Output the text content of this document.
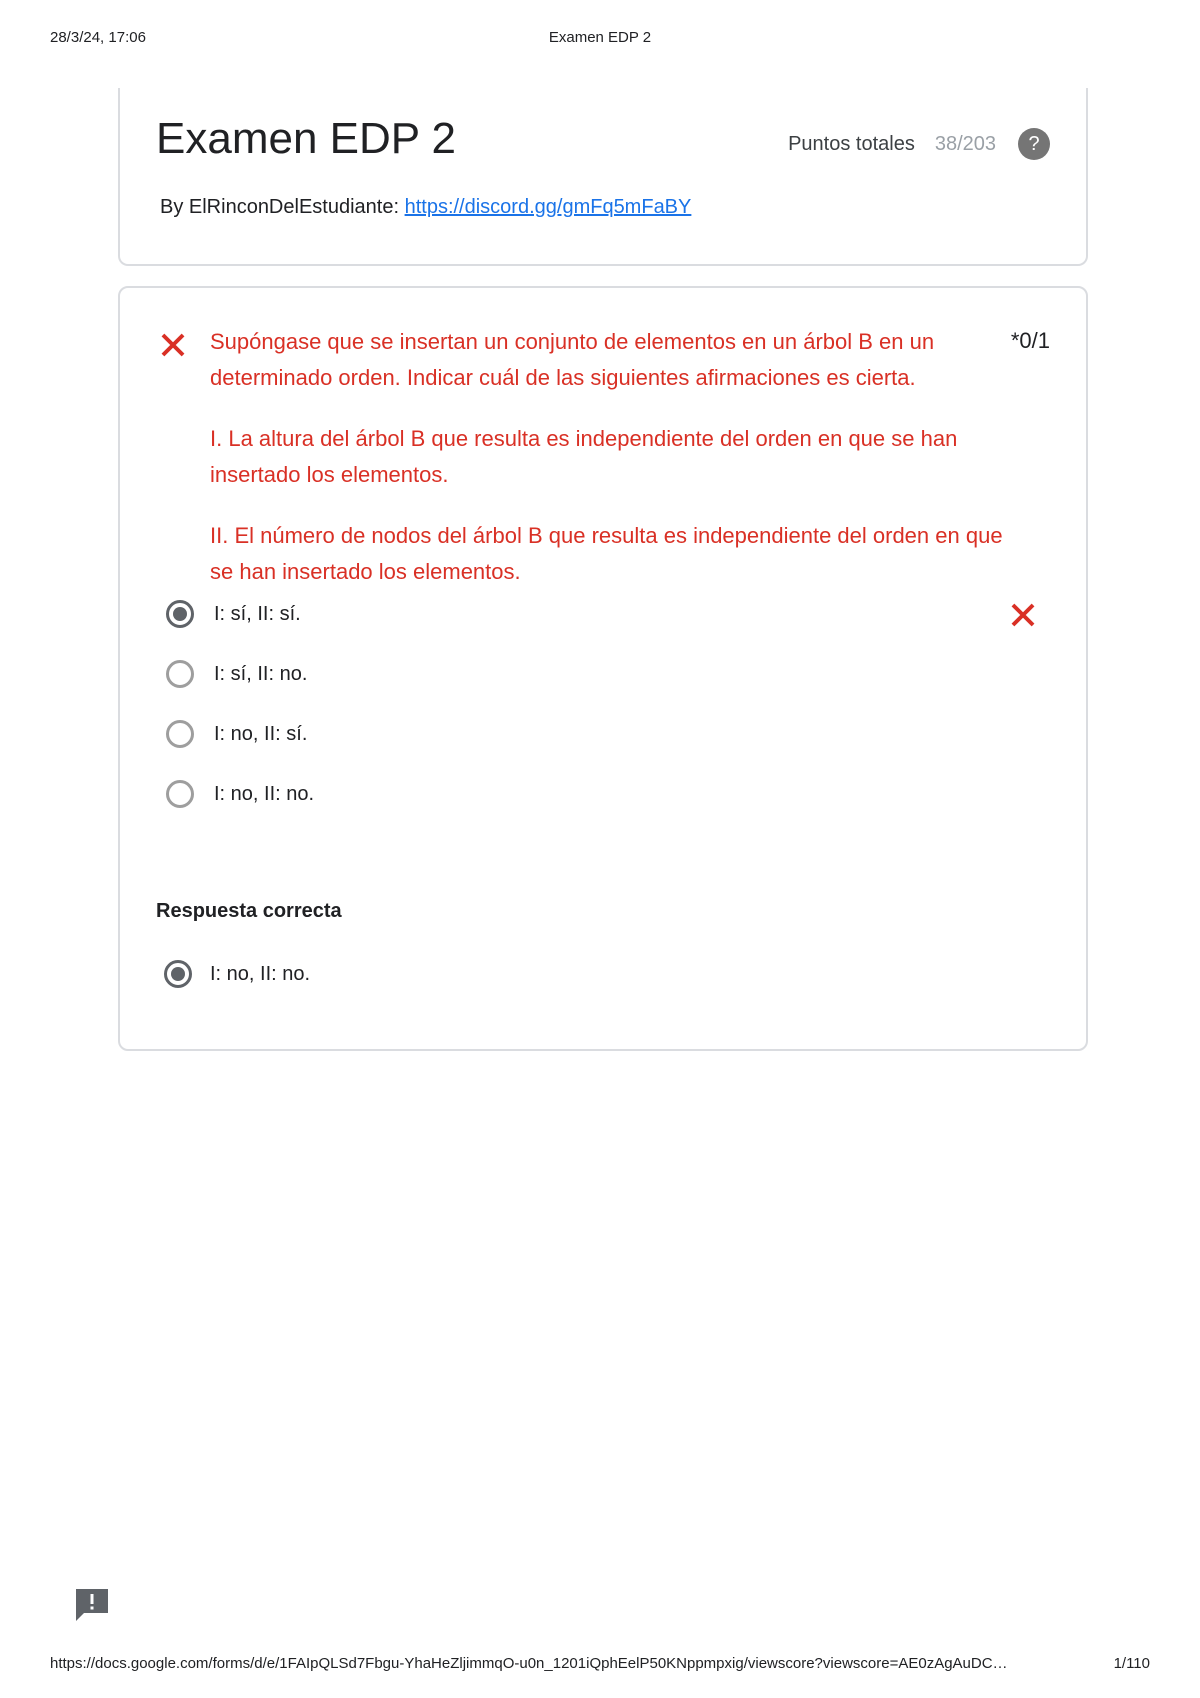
28/3/24, 17:06	Examen EDP 2
Examen EDP 2	Puntos totales 38/203	?
By ElRinconDelEstudiante: https://discord.gg/gmFq5mFaBY
Supóngase que se insertan un conjunto de elementos en un árbol B en un determinado orden. Indicar cuál de las siguientes afirmaciones es cierta.
*0/1
I. La altura del árbol B que resulta es independiente del orden en que se han insertado los elementos.
II. El número de nodos del árbol B que resulta es independiente del orden en que se han insertado los elementos.
I: sí, II: sí.
I: sí, II: no.
I: no, II: sí.
I: no, II: no.
Respuesta correcta
I: no, II: no.
https://docs.google.com/forms/d/e/1FAIpQLSd7Fbgu-YhaHeZljimmqO-u0n_1201iQphEelP50KNppmpxig/viewscore?viewscore=AE0zAgAuDC…	1/110
